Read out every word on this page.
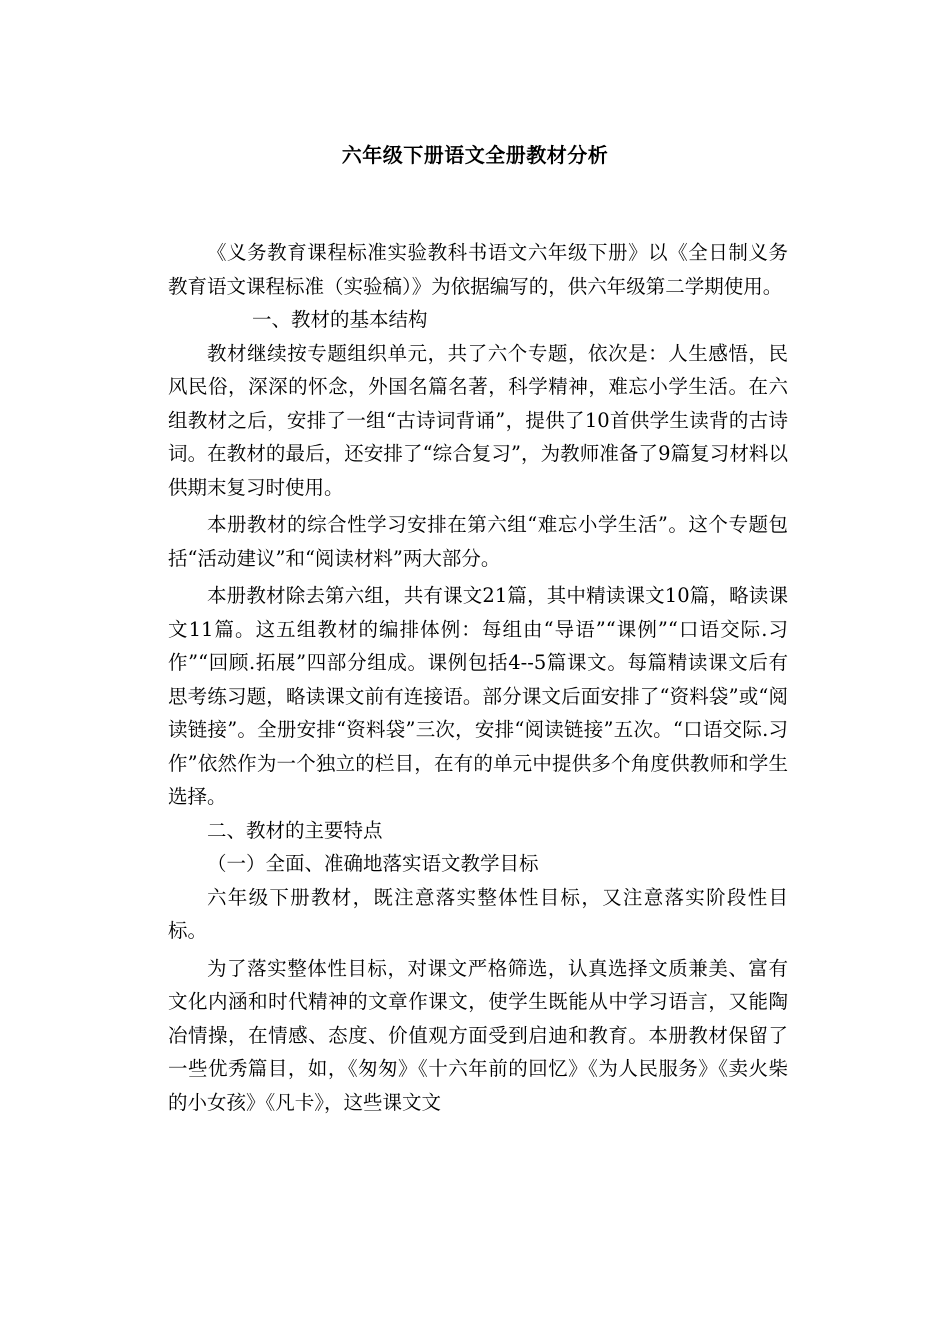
六年级下册语文全册教材分析

《义务教育课程标准实验教科书语文六年级下册》以《全日制义务教育语文课程标准（实验稿）》为依据编写的，供六年级第二学期使用。

一、教材的基本结构

教材继续按专题组织单元，共了六个专题，依次是：人生感悟，民风民俗，深深的怀念，外国名篇名著，科学精神，难忘小学生活。在六组教材之后，安排了一组“古诗词背诵”，提供了10首供学生读背的古诗词。在教材的最后，还安排了“综合复习”，为教师准备了9篇复习材料以供期末复习时使用。

本册教材的综合性学习安排在第六组“难忘小学生活”。这个专题包括“活动建议”和“阅读材料”两大部分。

本册教材除去第六组，共有课文21篇，其中精读课文10篇，略读课文11篇。这五组教材的编排体例：每组由“导语”“课例”“口语交际.习作”“回顾.拓展”四部分组成。课例包括4--5篇课文。每篇精读课文后有思考练习题，略读课文前有连接语。部分课文后面安排了“资料袋”或“阅读链接”。全册安排“资料袋”三次，安排“阅读链接”五次。“口语交际.习作”依然作为一个独立的栏目，在有的单元中提供多个角度供教师和学生选择。

二、教材的主要特点

（一）全面、准确地落实语文教学目标

六年级下册教材，既注意落实整体性目标，又注意落实阶段性目标。

为了落实整体性目标，对课文严格筛选，认真选择文质兼美、富有文化内涵和时代精神的文章作课文，使学生既能从中学习语言，又能陶冶情操，在情感、态度、价值观方面受到启迪和教育。本册教材保留了一些优秀篇目，如，《匆匆》《十六年前的回忆》《为人民服务》《卖火柴的小女孩》《凡卡》，这些课文文
